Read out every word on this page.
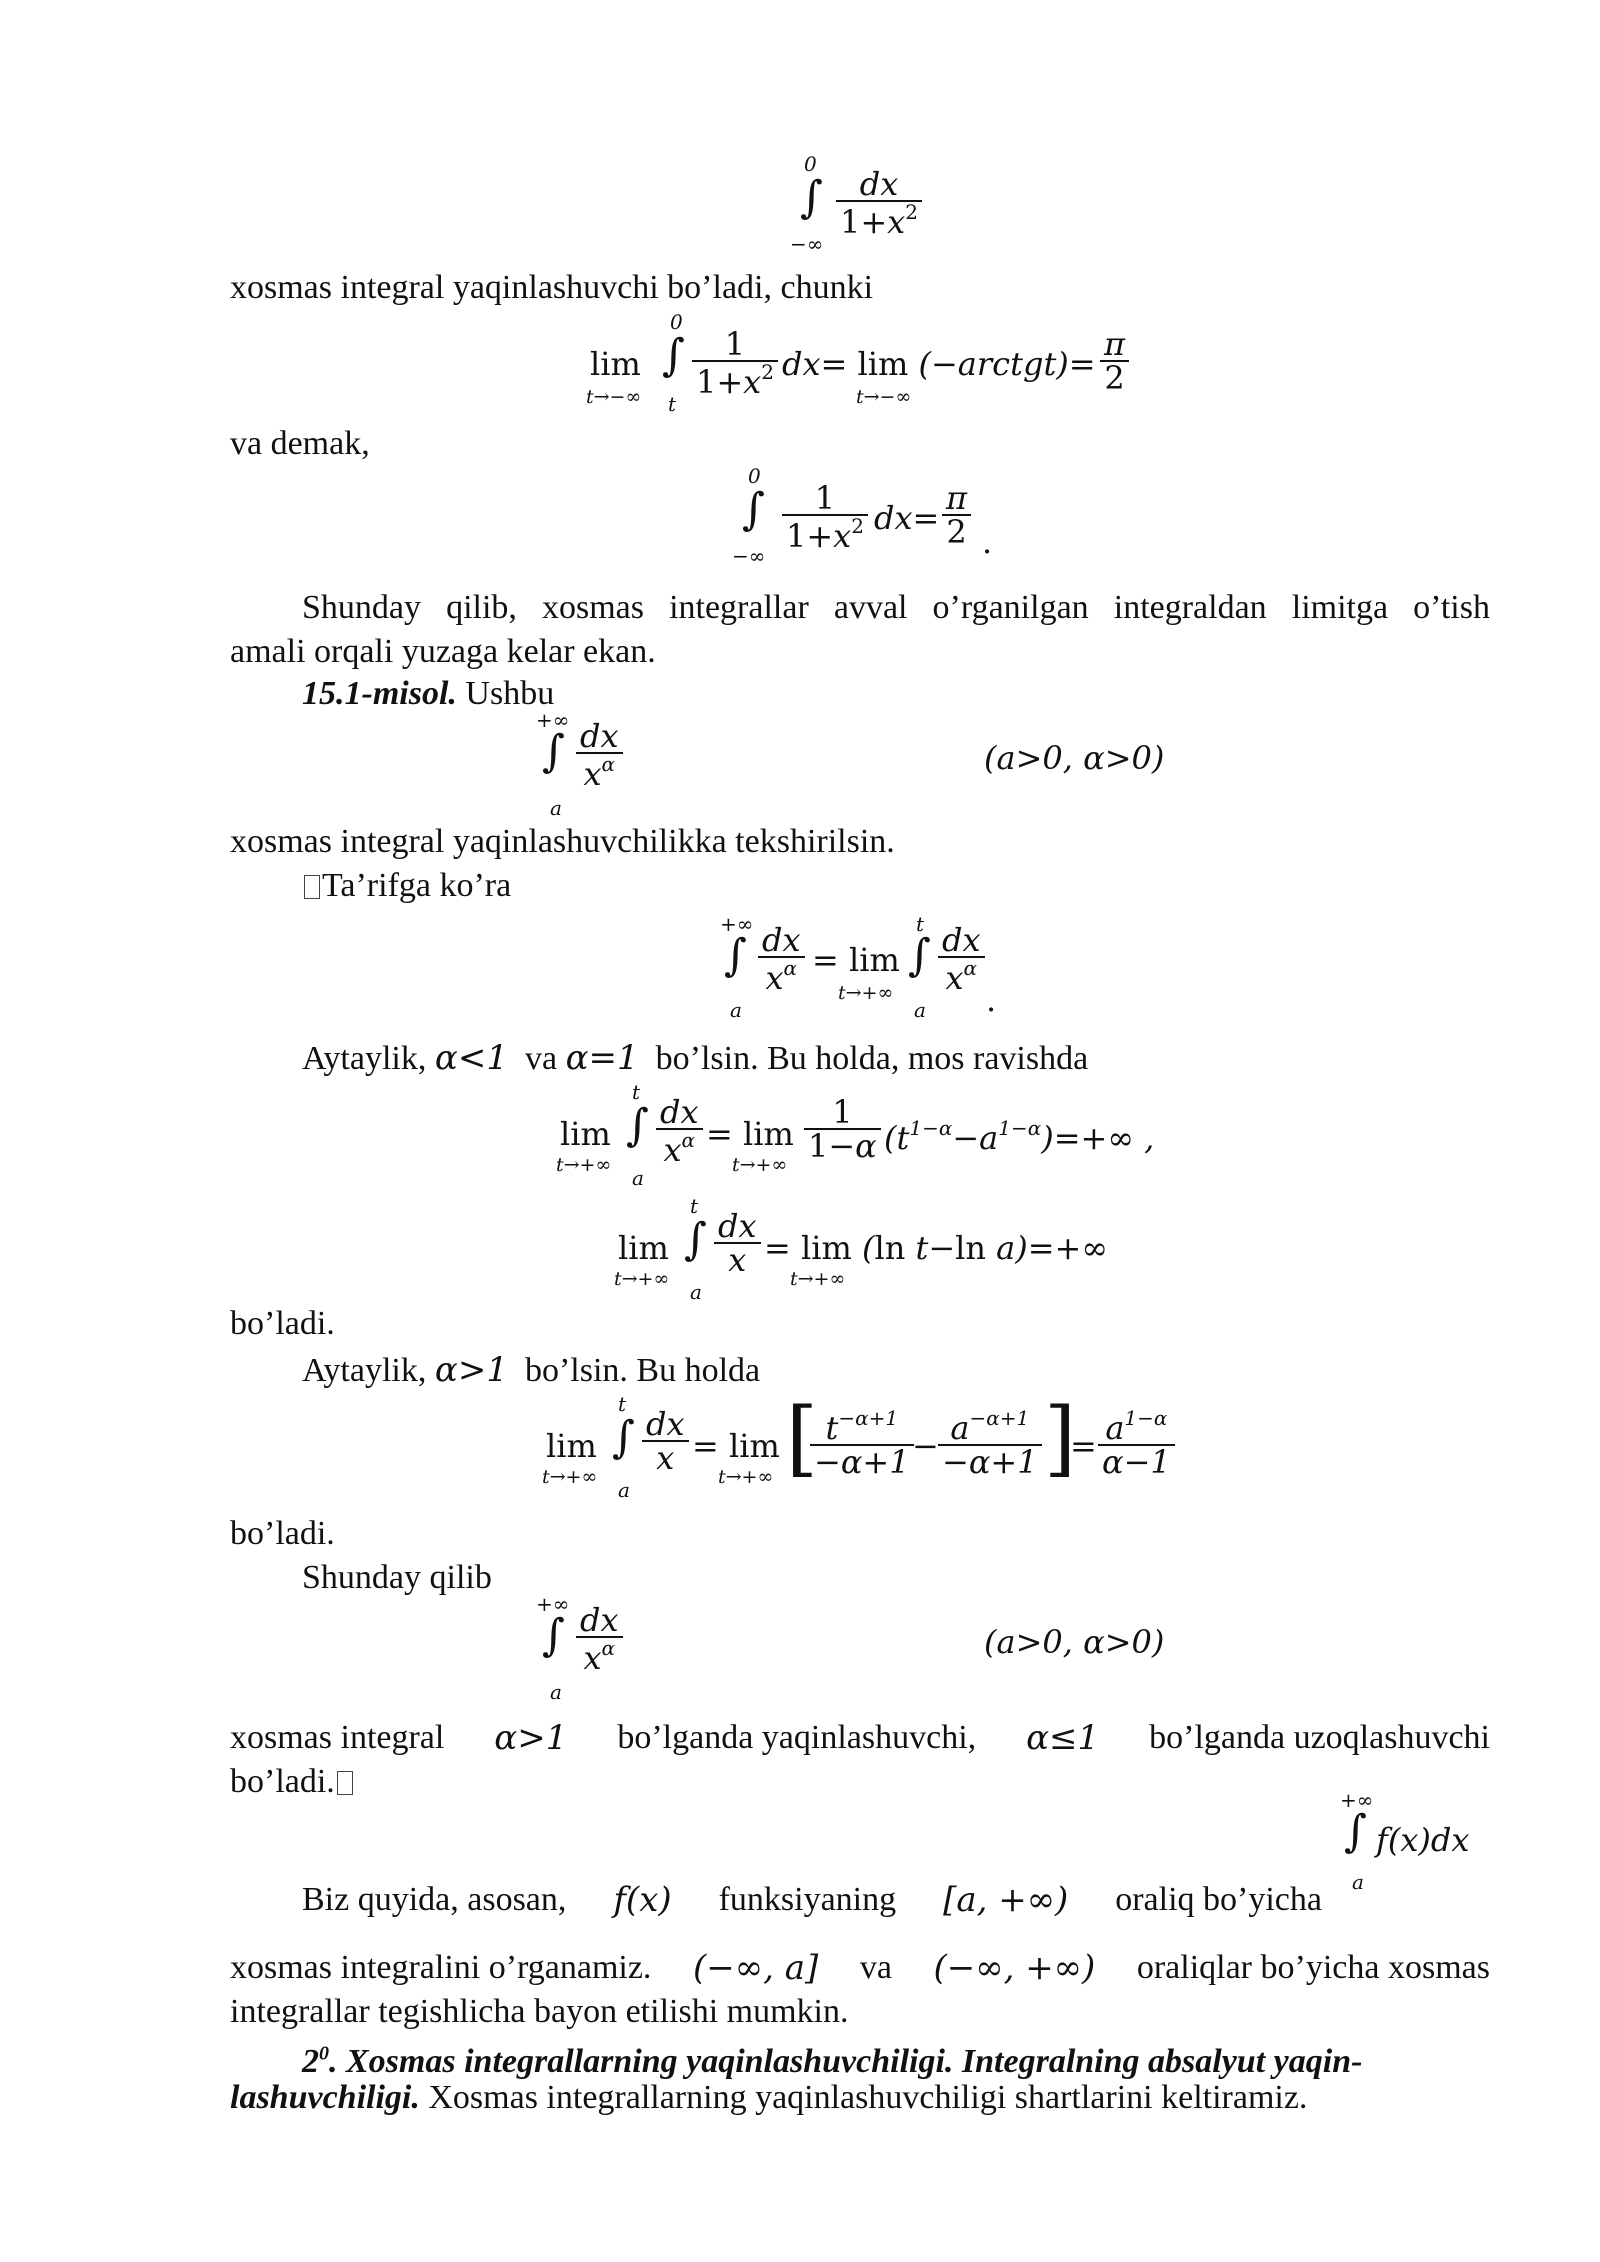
0
∫
−∞
$\frac{dx}{1+x^2}$
xosmas integral yaqinlashuvchi bo’ladi, chunki
lim
t→−∞
0
∫
t
$\frac{1}{1+x^2} dx= \lim$ (−arctgt)=
t→−∞
$\frac{\pi}{2}$
va demak,
0
∫
−∞
$\frac{1}{1+x^2} dx= \frac{\pi}{2}$ .
Shunday qilib, xosmas integrallar avval o’rganilgan integraldan limitga o’tish
amali orqali yuzaga kelar ekan.
15.1-misol. Ushbu
+∞
∫
a
$\frac{dx}{x^\alpha}$	(a>0, α>0)
xosmas integral yaqinlashuvchilikka tekshirilsin.
Ta’rifga ko’ra
+∞
∫
a
$\frac{dx}{x^\alpha} = \lim$
t→+∞
t
∫
a
$\frac{dx}{x^\alpha}$
.
Aytaylik, α<1 va α=1 bo’lsin. Bu holda, mos ravishda
lim
t→+∞
t
∫
a
$\frac{dx}{x^\alpha} = \lim$
t→+∞
$\frac{1}{1-\alpha} (t^{1-\alpha}-a^{1-\alpha})=+\infty$ ,
lim
t→+∞
t
∫
a
$\frac{dx}{x} = \lim (\ln$ t−ln a)=+∞
t→+∞
bo’ladi.
Aytaylik, α>1 bo’lsin. Bu holda
lim
t→+∞
t
∫
a
$\frac{dx}{x} = \lim$
t→+∞ [
$\frac{t^{-\alpha+1}}{-\alpha+1}$
− $\frac{a^{-\alpha+1}}{-\alpha+1}$ ]
= $\frac{a^{1-\alpha}}{\alpha-1}$
bo’ladi.
Shunday qilib
+∞
∫
a
$\frac{dx}{x^\alpha}$	(a>0, α>0)
xosmas integral α>1 bo’lganda yaqinlashuvchi, α≤1 bo’lganda uzoqlashuvchi
bo’ladi.	+∞
∫
a
f(x)dx
Biz quyida, asosan, f(x) funksiyaning [a, +∞) oraliq bo’yicha
xosmas integralini o’rganamiz. (−∞, a] va (−∞, +∞) oraliqlar bo’yicha xosmas
integrallar tegishlicha bayon etilishi mumkin.
$2^0$. Xosmas integrallarning yaqinlashuvchiligi. Integralning absalyut yaqin-
lashuvchiligi. Xosmas integrallarning yaqinlashuvchiligi shartlarini keltiramiz.
